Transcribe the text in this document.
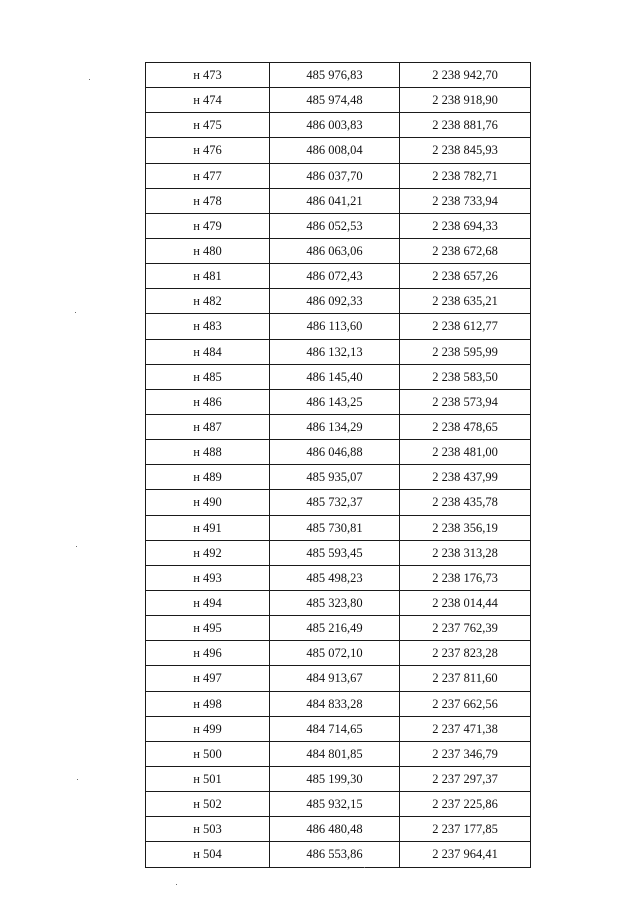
н 473	485 976,83	2 238 942,70
н 474	485 974,48	2 238 918,90
н 475	486 003,83	2 238 881,76
н 476	486 008,04	2 238 845,93
н 477	486 037,70	2 238 782,71
н 478	486 041,21	2 238 733,94
н 479	486 052,53	2 238 694,33
н 480	486 063,06	2 238 672,68
н 481	486 072,43	2 238 657,26
н 482	486 092,33	2 238 635,21
н 483	486 113,60	2 238 612,77
н 484	486 132,13	2 238 595,99
н 485	486 145,40	2 238 583,50
н 486	486 143,25	2 238 573,94
н 487	486 134,29	2 238 478,65
н 488	486 046,88	2 238 481,00
н 489	485 935,07	2 238 437,99
н 490	485 732,37	2 238 435,78
н 491	485 730,81	2 238 356,19
н 492	485 593,45	2 238 313,28
н 493	485 498,23	2 238 176,73
н 494	485 323,80	2 238 014,44
н 495	485 216,49	2 237 762,39
н 496	485 072,10	2 237 823,28
н 497	484 913,67	2 237 811,60
н 498	484 833,28	2 237 662,56
н 499	484 714,65	2 237 471,38
н 500	484 801,85	2 237 346,79
н 501	485 199,30	2 237 297,37
н 502	485 932,15	2 237 225,86
н 503	486 480,48	2 237 177,85
н 504	486 553,86	2 237 964,41
